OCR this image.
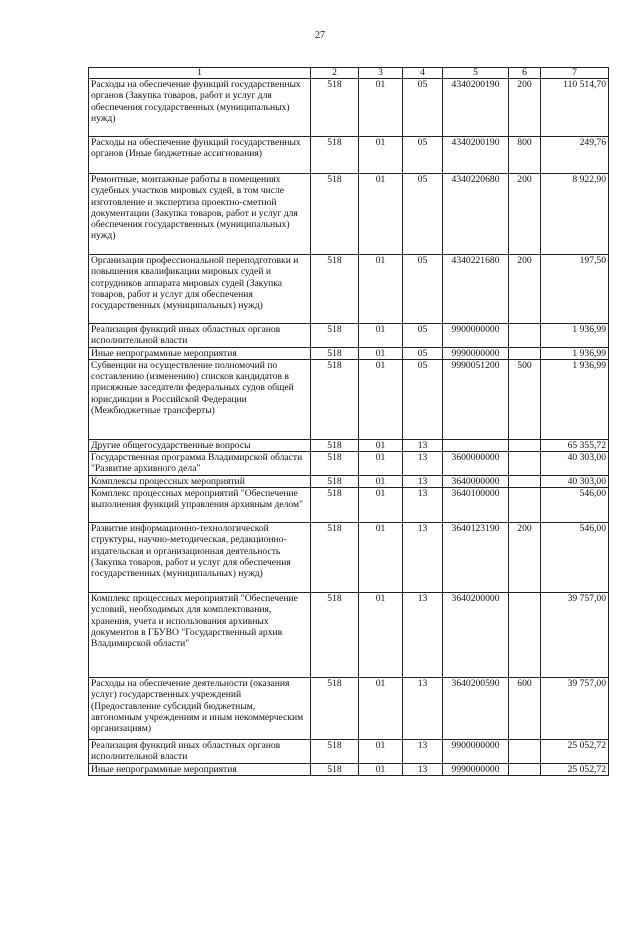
27
1	2	3	4	5	6	7
Расходы на обеспечение функций государственных органов (Закупка товаров, работ и услуг для обеспечения государственных (муниципальных) нужд)	518	01	05	4340200190	200	110 514,70
Расходы на обеспечение функций государственных органов (Иные бюджетные ассигнования)	518	01	05	4340200190	800	249,76
Ремонтные, монтажные работы в помещениях судебных участков мировых судей, в том числе изготовление и экспертиза проектно-сметной документации (Закупка товаров, работ и услуг для обеспечения государственных (муниципальных) нужд)	518	01	05	4340220680	200	8 922,90
Организация профессиональной переподготовки и повышения квалификации мировых судей и сотрудников аппарата мировых судей (Закупка товаров, работ и услуг для обеспечения государственных (муниципальных) нужд)	518	01	05	4340221680	200	197,50
Реализация функций иных областных органов исполнительной власти	518	01	05	9900000000		1 936,99
Иные непрограммные мероприятия	518	01	05	9990000000		1 936,99
Субвенции на осуществление полномочий по составлению (изменению) списков кандидатов в присяжные заседатели федеральных судов общей юрисдикции в Российской Федерации (Межбюджетные трансферты)	518	01	05	9990051200	500	1 936,99
Другие общегосударственные вопросы	518	01	13			65 355,72
Государственная программа Владимирской области "Развитие архивного дела"	518	01	13	3600000000		40 303,00
Комплексы процессных мероприятий	518	01	13	3640000000		40 303,00
Комплекс процессных мероприятий "Обеспечение выполнения функций управления архивным делом"	518	01	13	3640100000		546,00
Развитие информационно-технологической структуры, научно-методическая, редакционно-издательская и организационная деятельность (Закупка товаров, работ и услуг для обеспечения государственных (муниципальных) нужд)	518	01	13	3640123190	200	546,00
Комплекс процессных мероприятий "Обеспечение условий, необходимых для комплектования, хранения, учета и использования архивных документов в ГБУВО "Государственный архив Владимирской области"	518	01	13	3640200000		39 757,00
Расходы на обеспечение деятельности (оказания услуг) государственных учреждений (Предоставление субсидий бюджетным, автономным учреждениям и иным некоммерческим организациям)	518	01	13	3640200590	600	39 757,00
Реализация функций иных областных органов исполнительной власти	518	01	13	9900000000		25 052,72
Иные непрограммные мероприятия	518	01	13	9990000000		25 052,72
